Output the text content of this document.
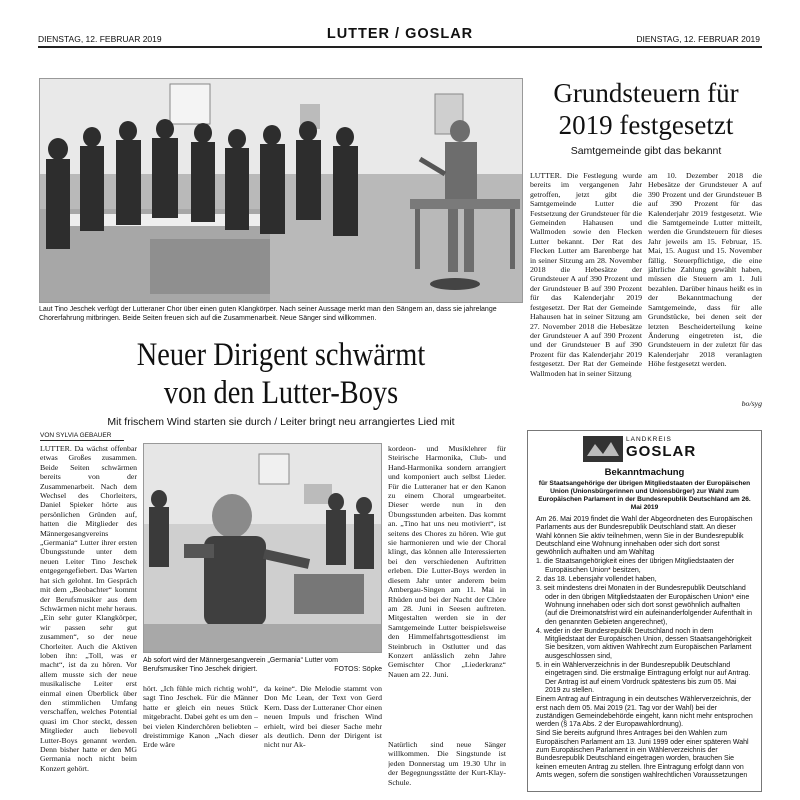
DIENSTAG, 12. FEBRUAR 2019	LUTTER / GOSLAR	DIENSTAG, 12. FEBRUAR 2019
Laut Tino Jeschek verfügt der Lutteraner Chor über einen guten Klangkörper. Nach seiner Aussage merkt man den Sängern an, dass sie jahrelange Chorerfahrung mitbringen. Beide Seiten freuen sich auf die Zusammenarbeit. Neue Sänger sind willkommen.
Grundsteuern für
2019 festgesetzt
Samtgemeinde gibt das bekannt
LUTTER. Die Festlegung wurde bereits im vergangenen Jahr getroffen, jetzt gibt die Samtgemeinde Lutter die Festsetzung der Grundsteuer für die Gemeinden Hahausen und Wallmoden sowie den Flecken Lutter bekannt. Der Rat des Flecken Lutter am Barenberge hat in seiner Sitzung am 28. November 2018 die Hebesätze der Grundsteuer A auf 390 Prozent und der Grundsteuer B auf 390 Prozent für das Kalenderjahr 2019 festgesetzt. Der Rat der Gemeinde Hahausen hat in seiner Sitzung am 27. November 2018 die Hebesätze der Grundsteuer A auf 390 Prozent und der Grundsteuer B auf 390 Prozent für das Kalenderjahr 2019 festgesetzt. Der Rat der Gemeinde Wallmoden hat in seiner Sitzung
am 10. Dezember 2018 die Hebesätze der Grundsteuer A auf 390 Prozent und der Grundsteuer B auf 390 Prozent für das Kalenderjahr 2019 festgesetzt. Wie die Samtgemeinde Lutter mitteilt, werden die Grundsteuern für dieses Jahr jeweils am 15. Februar, 15. Mai, 15. August und 15. November fällig. Steuerpflichtige, die eine jährliche Zahlung gewählt haben, müssen die Steuern am 1. Juli bezahlen. Darüber hinaus heißt es in der Bekanntmachung der Samtgemeinde, dass für alle Grundstücke, bei denen seit der letzten Bescheiderteilung keine Änderung eingetreten ist, die Grundsteuern in der zuletzt für das Kalenderjahr 2018 veranlagten Höhe festgesetzt werden.
bo/syg
Neuer Dirigent schwärmt
von den Lutter-Boys
Mit frischem Wind starten sie durch / Leiter bringt neu arrangiertes Lied mit
VON SYLVIA GEBAUER
LUTTER. Da wächst offenbar etwas Großes zusammen. Beide Seiten schwärmen bereits von der Zusammenarbeit. Nach dem Wechsel des Chorleiters, Daniel Spieker hörte aus persönlichen Gründen auf, hatten die Mitglieder des Männergesangvereins „Germania“ Lutter ihrer ersten Übungsstunde unter dem neuen Leiter Tino Jeschek entgegengefiebert. Das Warten hat sich gelohnt. Im Gespräch mit dem „Beobachter“ kommt der Berufsmusiker aus dem Schwärmen nicht mehr heraus. „Ein sehr guter Klangkörper, wir passen sehr gut zusammen“, so der neue Chorleiter. Auch die Aktiven loben ihn: „Toll, was er macht“, ist da zu hören. Vor allem musste sich der neue musikalische Leiter erst einmal einen Überblick über den stimmlichen Umfang verschaffen, welches Potential quasi im Chor steckt, dessen Mitglieder auch liebevoll Lutter-Boys genannt werden. Denn bisher hatte er den MG Germania noch nicht beim Konzert gehört.
Ab sofort wird der Männergesangverein „Germania“ Lutter vom Berufsmusiker Tino Jeschek dirigiert.	FOTOS: Söpke
kordeon- und Musiklehrer für Steirische Harmonika, Club- und Hand-Harmonika sondern arrangiert und komponiert auch selbst Lieder. Für die Lutteraner hat er den Kanon zu einem Choral umgearbeitet. Dieser werde nun in den Übungsstunden arbeiten. Das kommt an. „Tino hat uns neu motiviert“, ist seitens des Chores zu hören. Wie gut sie harmonieren und wie der Choral klingt, das können alle Interessierten bei den verschiedenen Auftritten erleben. Die Lutter-Boys werden in diesem Jahr unter anderem beim Ambergau-Singen am 11. Mai in Rhüden und bei der Nacht der Chöre am 28. Juni in Seesen auftreten. Mitgestalten werden sie in der Samtgemeinde Lutter beispielsweise den Himmelfahrtsgottesdienst im Steinbruch in Ostlutter und das Konzert anlässlich zehn Jahre Gemischter Chor „Liederkranz“ Nauen am 22. Juni.
hört. „Ich fühle mich richtig wohl“, sagt Tino Jeschek. Für die Männer hatte er gleich ein neues Stück mitgebracht. Dabei geht es um den – bei vielen Kinderchören beliebten – dreistimmige Kanon „Nach dieser Erde wäre
da keine“. Die Melodie stammt von Don Mc Lean, der Text von Gerd Kern. Dass der Lutteraner Chor einen neuen Impuls und frischen Wind erhielt, wird bei dieser Sache mehr als deutlich. Denn der Dirigent ist nicht nur Ak-	Natürlich sind neue Sänger willkommen. Die Singstunde ist jeden Donnerstag um 19.30 Uhr in der Begegnungsstätte der Kurt-Klay-Schule.
LANDKREIS
GOSLAR
Bekanntmachung
für Staatsangehörige der übrigen Mitgliedstaaten der Europäischen Union (Unionsbürgerinnen und Unionsbürger) zur Wahl zum Europäischen Parlament in der Bundesrepublik Deutschland am 26. Mai 2019

Am 26. Mai 2019 findet die Wahl der Abgeordneten des Europäischen Parlaments aus der Bundesrepublik Deutschland statt. An dieser Wahl können Sie aktiv teilnehmen, wenn Sie in der Bundesrepublik Deutschland eine Wohnung innehaben oder sich dort sonst gewöhnlich aufhalten und am Wahltag

1. die Staatsangehörigkeit eines der übrigen Mitgliedstaaten der Europäischen Union* besitzen,

2. das 18. Lebensjahr vollendet haben,

3. seit mindestens drei Monaten in der Bundesrepublik Deutschland oder in den übrigen Mitgliedstaaten der Europäischen Union* eine Wohnung innehaben oder sich dort sonst gewöhnlich aufhalten (auf die Dreimonatsfrist wird ein aufeinanderfolgender Aufenthalt in den genannten Gebieten angerechnet),

4. weder in der Bundesrepublik Deutschland noch in dem Mitgliedstaat der Europäischen Union, dessen Staatsangehörigkeit Sie besitzen, vom aktiven Wahlrecht zum Europäischen Parlament ausgeschlossen sind,

5. in ein Wählerverzeichnis in der Bundesrepublik Deutschland eingetragen sind. Die erstmalige Eintragung erfolgt nur auf Antrag. Der Antrag ist auf einem Vordruck spätestens bis zum 05. Mai 2019 zu stellen.

Einem Antrag auf Eintragung in ein deutsches Wählerverzeichnis, der erst nach dem 05. Mai 2019 (21. Tag vor der Wahl) bei der zuständigen Gemeindebehörde eingeht, kann nicht mehr entsprochen werden (§ 17a Abs. 2 der Europawahlordnung).

Sind Sie bereits aufgrund Ihres Antrages bei den Wahlen zum Europäischen Parlament am 13. Juni 1999 oder einer späteren Wahl zum Europäischen Parlament in ein Wählerverzeichnis der Bundesrepublik Deutschland eingetragen worden, brauchen Sie keinen erneuten Antrag zu stellen. Ihre Eintragung erfolgt dann von Amts wegen, sofern die sonstigen wahlrechtlichen Voraussetzungen
